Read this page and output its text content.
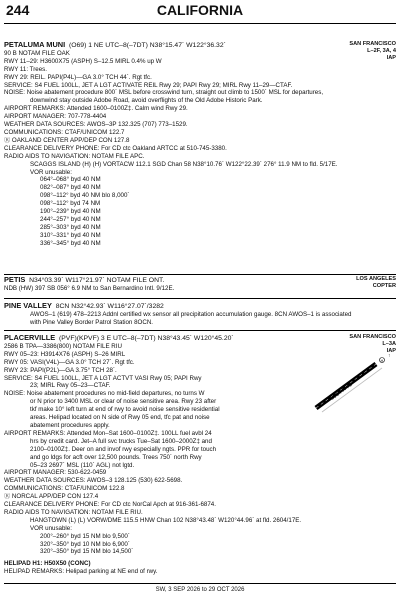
244	CALIFORNIA
SAN FRANCISCO
L–2F, 3A, 4
IAP
PETALUMA MUNI (O69) 1 NE UTC–8(–7DT) N38°15.47´ W122°36.32´
90 B NOTAM FILE OAK
RWY 11–29: H3600X75 (ASPH) S–12.5 MIRL 0.4% up W
RWY 11: Trees.
RWY 29: REIL. PAPI(P4L)—GA 3.0° TCH 44´. Rgt tfc.
SERVICE: S4 FUEL 100LL, JET A LGT ACTIVATE REIL Rwy 29; PAPI Rwy 29; MIRL Rwy 11–29—CTAF.
NOISE: Noise abatement procedure 800´ MSL before crosswind turn, straight out climb to 1500´ MSL for departures,
downwind stay outside Adobe Road, avoid overflights of the Old Adobe Historic Park.
AIRPORT REMARKS: Attended 1600–0100Z‡. Calm wind Rwy 29.
AIRPORT MANAGER: 707-778-4404
WEATHER DATA SOURCES: AWOS–3P 132.325 (707) 773–1529.
COMMUNICATIONS: CTAF/UNICOM 122.7
Ⓡ OAKLAND CENTER APP/DEP CON 127.8
CLEARANCE DELIVERY PHONE: For CD ctc Oakland ARTCC at 510-745-3380.
RADIO AIDS TO NAVIGATION: NOTAM FILE APC.
SCAGGS ISLAND (H) (H) VORTACW 112.1 SGD Chan 58 N38°10.76´ W122°22.39´ 276° 11.9 NM to fld. 5/17E.
VOR unusable:
064°–068° byd 40 NM
082°–087° byd 40 NM
098°–112° byd 40 NM blo 8,000´
098°–112° byd 74 NM
190°–239° byd 40 NM
244°–257° byd 40 NM
285°–303° byd 40 NM
310°–331° byd 40 NM
336°–345° byd 40 NM
LOS ANGELES
COPTER
PETIS N34°03.39´ W117°21.97´ NOTAM FILE ONT.
NDB (HW) 397 SB 056° 6.9 NM to San Bernardino Intl. 9/12E.
PINE VALLEY 8CN N32°42.93´ W116°27.07´/3282
AWOS–1 (619) 478–2213 Addnl certified wx sensor all precipitation accumulation gauge. 8CN AWOS–1 is associated
with Pine Valley Border Patrol Station 8OCN.
SAN FRANCISCO
L–3A
IAP
PLACERVILLE (PVF)(KPVF) 3 E UTC–8(–7DT) N38°43.45´ W120°45.20´
2586 B TPA—3386(800) NOTAM FILE RIU
RWY 05–23: H3914X76 (ASPH) S–26 MIRL
RWY 05: VASI(V4L)—GA 3.0° TCH 27´. Rgt tfc.
RWY 23: PAPI(P2L)—GA 3.75° TCH 28´.
SERVICE: S4 FUEL 100LL, JET A LGT ACTVT VASI Rwy 05; PAPI Rwy
23; MIRL Rwy 05–23—CTAF.
NOISE: Noise abatement procedures no mid-field departures, no turns W
or N prior to 3400 MSL or clear of noise sensitive area. Rwy 23 after
tkf make 10° left turn at end of rwy to avoid noise sensitive residential
areas. Helipad located on N side of Rwy 05 end, tfc pat and noise
abatement procedures apply.
AIRPORT REMARKS: Attended Mon–Sat 1600–0100Z‡. 100LL fuel avbl 24
hrs by credit card. Jet–A full svc trucks Tue–Sat 1600–2000Z‡ and
2100–0100Z‡. Deer on and invof rwy especially ngts. PPR for touch
and go ldgs for acft over 12,500 pounds. Trees 750´ north Rwy
05–23 2697´ MSL (110´ AGL) not lgtd.
AIRPORT MANAGER: 530-622-0459
WEATHER DATA SOURCES: AWOS–3 128.125 (530) 622-5698.
COMMUNICATIONS: CTAF/UNICOM 122.8
Ⓡ NORCAL APP/DEP CON 127.4
CLEARANCE DELIVERY PHONE: For CD ctc NorCal Apch at 916-361-6874.
RADIO AIDS TO NAVIGATION: NOTAM FILE RIU.
HANGTOWN (L) (L) VORW/DME 115.5 HNW Chan 102 N38°43.48´ W120°44.96´ at fld. 2604/17E.
VOR unusable:
200°–260° byd 15 NM blo 9,500´
320°–350° byd 10 NM blo 6,900´
320°–350° byd 15 NM blo 14,500´
HELIPAD H1: H50X50 (CONC)
HELIPAD REMARKS: Helipad parking at NE end of rwy.
3914 X 76
H
↑
SW, 3 SEP 2026 to 29 OCT 2026
